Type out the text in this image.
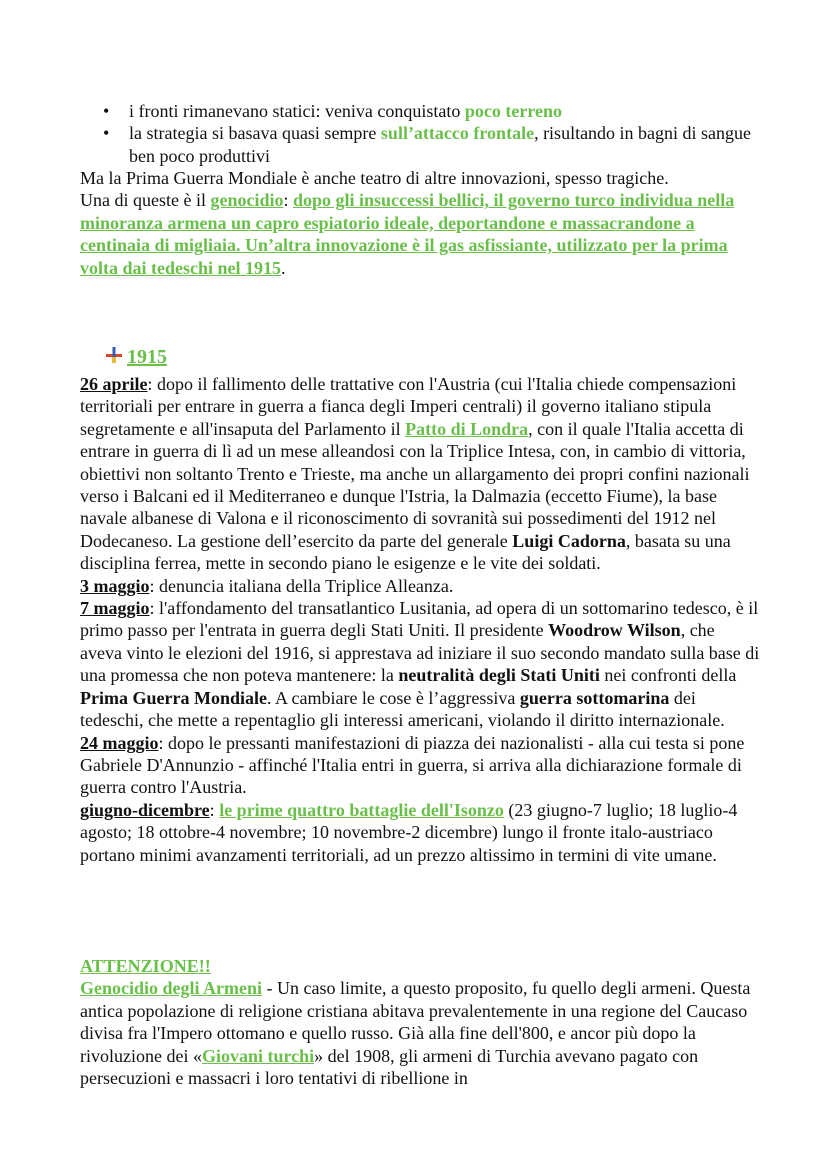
• i fronti rimanevano statici: veniva conquistato poco terreno
• la strategia si basava quasi sempre sull’attacco frontale, risultando in bagni di sangue ben poco produttivi
Ma la Prima Guerra Mondiale è anche teatro di altre innovazioni, spesso tragiche.
Una di queste è il genocidio: dopo gli insuccessi bellici, il governo turco individua nella minoranza armena un capro espiatorio ideale, deportandone e massacrandone a centinaia di migliaia. Un’altra innovazione è il gas asfissiante, utilizzato per la prima volta dai tedeschi nel 1915.
1915
26 aprile: dopo il fallimento delle trattative con l'Austria (cui l'Italia chiede compensazioni territoriali per entrare in guerra a fianca degli Imperi centrali) il governo italiano stipula segretamente e all'insaputa del Parlamento il Patto di Londra, con il quale l'Italia accetta di entrare in guerra di lì ad un mese alleandosi con la Triplice Intesa, con, in cambio di vittoria, obiettivi non soltanto Trento e Trieste, ma anche un allargamento dei propri confini nazionali verso i Balcani ed il Mediterraneo e dunque l'Istria, la Dalmazia (eccetto Fiume), la base navale albanese di Valona e il riconoscimento di sovranità sui possedimenti del 1912 nel Dodecaneso. La gestione dell’esercito da parte del generale Luigi Cadorna, basata su una disciplina ferrea, mette in secondo piano le esigenze e le vite dei soldati.
3 maggio: denuncia italiana della Triplice Alleanza.
7 maggio: l'affondamento del transatlantico Lusitania, ad opera di un sottomarino tedesco, è il primo passo per l'entrata in guerra degli Stati Uniti. Il presidente Woodrow Wilson, che aveva vinto le elezioni del 1916, si apprestava ad iniziare il suo secondo mandato sulla base di una promessa che non poteva mantenere: la neutralità degli Stati Uniti nei confronti della Prima Guerra Mondiale. A cambiare le cose è l’aggressiva guerra sottomarina dei tedeschi, che mette a repentaglio gli interessi americani, violando il diritto internazionale.
24 maggio: dopo le pressanti manifestazioni di piazza dei nazionalisti - alla cui testa si pone Gabriele D'Annunzio - affinché l'Italia entri in guerra, si arriva alla dichiarazione formale di guerra contro l'Austria.
giugno-dicembre: le prime quattro battaglie dell'Isonzo (23 giugno-7 luglio; 18 luglio-4 agosto; 18 ottobre-4 novembre; 10 novembre-2 dicembre) lungo il fronte italo-austriaco portano minimi avanzamenti territoriali, ad un prezzo altissimo in termini di vite umane.
ATTENZIONE!!
Genocidio degli Armeni - Un caso limite, a questo proposito, fu quello degli armeni. Questa antica popolazione di religione cristiana abitava prevalentemente in una regione del Caucaso divisa fra l'Impero ottomano e quello russo. Già alla fine dell'800, e ancor più dopo la rivoluzione dei «Giovani turchi» del 1908, gli armeni di Turchia avevano pagato con persecuzioni e massacri i loro tentativi di ribellione in
